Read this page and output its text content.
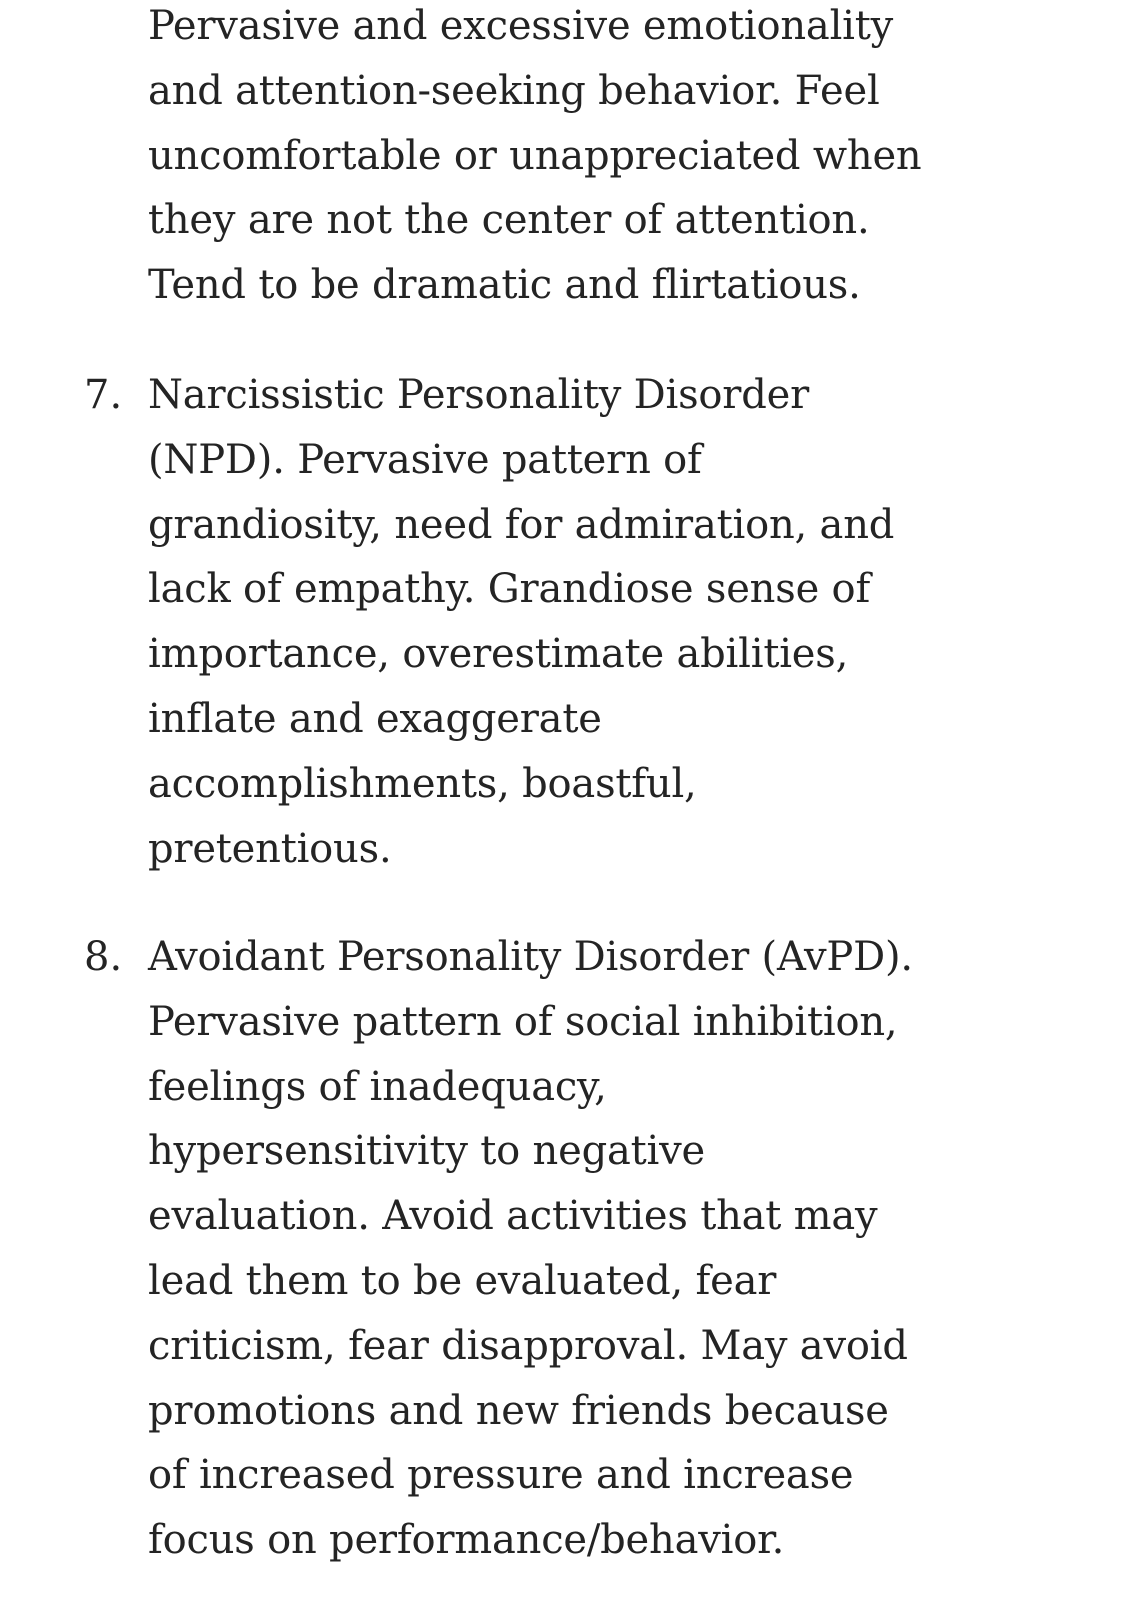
Pervasive and excessive emotionality
and attention-seeking behavior. Feel
uncomfortable or unappreciated when
they are not the center of attention.
Tend to be dramatic and flirtatious.
7. Narcissistic Personality Disorder
(NPD). Pervasive pattern of
grandiosity, need for admiration, and
lack of empathy. Grandiose sense of
importance, overestimate abilities,
inflate and exaggerate
accomplishments, boastful,
pretentious.
8. Avoidant Personality Disorder (AvPD).
Pervasive pattern of social inhibition,
feelings of inadequacy,
hypersensitivity to negative
evaluation. Avoid activities that may
lead them to be evaluated, fear
criticism, fear disapproval. May avoid
promotions and new friends because
of increased pressure and increase
focus on performance/behavior.
